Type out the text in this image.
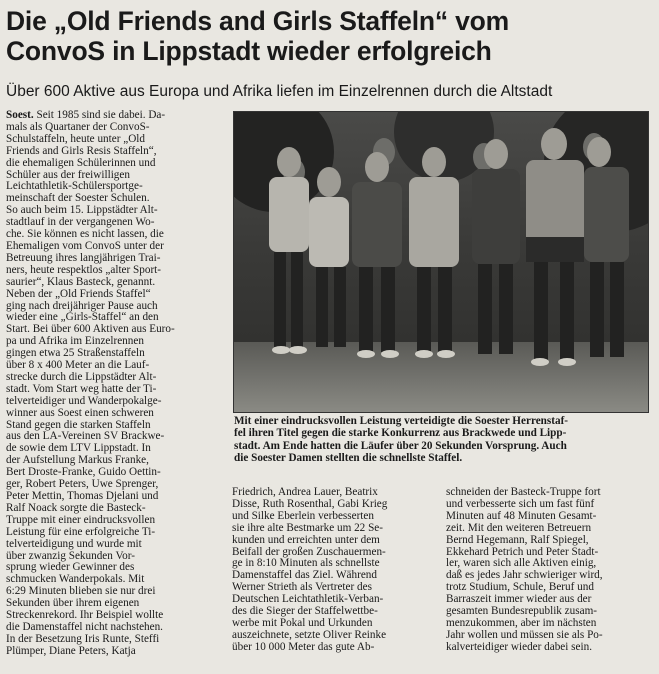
Die „Old Friends and Girls Staffeln“ vom
ConvoS in Lippstadt wieder erfolgreich
Über 600 Aktive aus Europa und Afrika liefen im Einzelrennen durch die Altstadt

Soest. Seit 1985 sind sie dabei. Da-
mals als Quartaner der ConvoS-
Schulstaffeln, heute unter „Old
Friends and Girls Resis Staffeln“,
die ehemaligen Schülerinnen und
Schüler aus der freiwilligen
Leichtathletik-Schülersportge-
meinschaft der Soester Schulen.
So auch beim 15. Lippstädter Alt-
stadtlauf in der vergangenen Wo-
che. Sie können es nicht lassen, die
Ehemaligen vom ConvoS unter der
Betreuung ihres langjährigen Trai-
ners, heute respektlos „alter Sport-
saurier“, Klaus Basteck, genannt.
Neben der „Old Friends Staffel“
ging nach dreijähriger Pause auch
wieder eine „Girls-Staffel“ an den
Start. Bei über 600 Aktiven aus Euro-
pa und Afrika im Einzelrennen
gingen etwa 25 Straßenstaffeln
über 8 x 400 Meter an die Lauf-
strecke durch die Lippstädter Alt-
stadt. Vom Start weg hatte der Ti-
telverteidiger und Wanderpokalge-
winner aus Soest einen schweren
Stand gegen die starken Staffeln
aus den LA-Vereinen SV Brackwe-
de sowie dem LTV Lippstadt. In
der Aufstellung Markus Franke,
Bert Droste-Franke, Guido Oettin-
ger, Robert Peters, Uwe Sprenger,
Peter Mettin, Thomas Djelani und
Ralf Noack sorgte die Basteck-
Truppe mit einer eindrucksvollen
Leistung für eine erfolgreiche Ti-
telverteidigung und wurde mit
über zwanzig Sekunden Vor-
sprung wieder Gewinner des
schmucken Wanderpokals. Mit
6:29 Minuten blieben sie nur drei
Sekunden über ihrem eigenen
Streckenrekord. Ihr Beispiel wollte
die Damenstaffel nicht nachstehen.
In der Besetzung Iris Runte, Steffi
Plümper, Diane Peters, Katja

Mit einer eindrucksvollen Leistung verteidigte die Soester Herrenstaf-
fel ihren Titel gegen die starke Konkurrenz aus Brackwede und Lipp-
stadt. Am Ende hatten die Läufer über 20 Sekunden Vorsprung. Auch
die Soester Damen stellten die schnellste Staffel.

Friedrich, Andrea Lauer, Beatrix
Disse, Ruth Rosenthal, Gabi Krieg
und Silke Eberlein verbesserten
sie ihre alte Bestmarke um 22 Se-
kunden und erreichten unter dem
Beifall der großen Zuschauermen-
ge in 8:10 Minuten als schnellste
Damenstaffel das Ziel. Während
Werner Strieth als Vertreter des
Deutschen Leichtathletik-Verban-
des die Sieger der Staffelwettbe-
werbe mit Pokal und Urkunden
auszeichnete, setzte Oliver Reinke
über 10 000 Meter das gute Ab-

schneiden der Basteck-Truppe fort
und verbesserte sich um fast fünf
Minuten auf 48 Minuten Gesamt-
zeit. Mit den weiteren Betreuern
Bernd Hegemann, Ralf Spiegel,
Ekkehard Petrich und Peter Stadt-
ler, waren sich alle Aktiven einig,
daß es jedes Jahr schwieriger wird,
trotz Studium, Schule, Beruf und
Barraszeit immer wieder aus der
gesamten Bundesrepublik zusam-
menzukommen, aber im nächsten
Jahr wollen und müssen sie als Po-
kalverteidiger wieder dabei sein.
